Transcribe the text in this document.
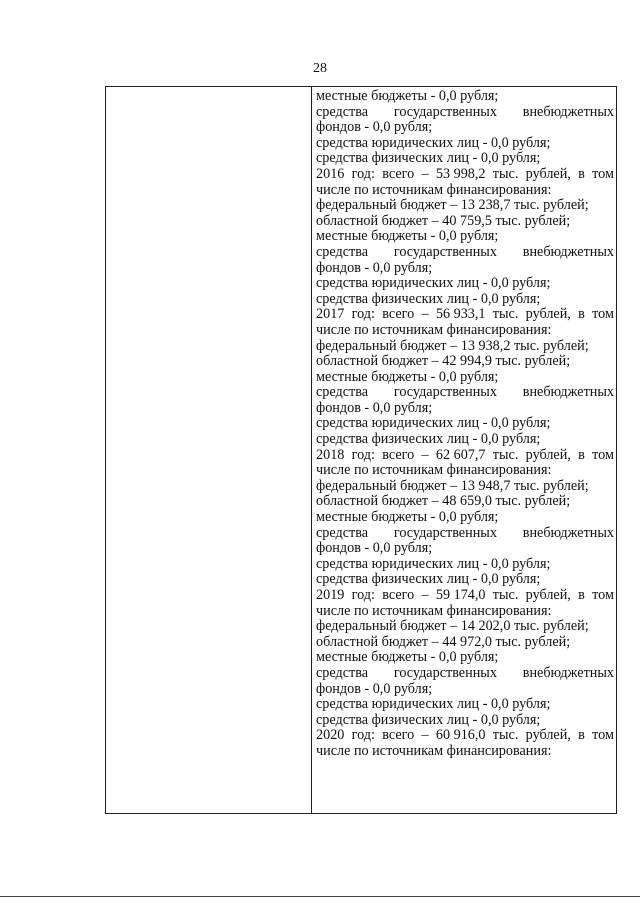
28
местные бюджеты - 0,0 рубля;
средства государственных внебюджетных
фондов - 0,0 рубля;
средства юридических лиц - 0,0 рубля;
средства физических лиц - 0,0 рубля;
2016 год: всего – 53 998,2 тыс. рублей, в том
числе по источникам финансирования:
федеральный бюджет – 13 238,7 тыс. рублей;
областной бюджет – 40 759,5 тыс. рублей;
местные бюджеты - 0,0 рубля;
средства государственных внебюджетных
фондов - 0,0 рубля;
средства юридических лиц - 0,0 рубля;
средства физических лиц - 0,0 рубля;
2017 год: всего – 56 933,1 тыс. рублей, в том
числе по источникам финансирования:
федеральный бюджет – 13 938,2 тыс. рублей;
областной бюджет – 42 994,9 тыс. рублей;
местные бюджеты - 0,0 рубля;
средства государственных внебюджетных
фондов - 0,0 рубля;
средства юридических лиц - 0,0 рубля;
средства физических лиц - 0,0 рубля;
2018 год: всего – 62 607,7 тыс. рублей, в том
числе по источникам финансирования:
федеральный бюджет – 13 948,7 тыс. рублей;
областной бюджет – 48 659,0 тыс. рублей;
местные бюджеты - 0,0 рубля;
средства государственных внебюджетных
фондов - 0,0 рубля;
средства юридических лиц - 0,0 рубля;
средства физических лиц - 0,0 рубля;
2019 год: всего – 59 174,0 тыс. рублей, в том
числе по источникам финансирования:
федеральный бюджет – 14 202,0 тыс. рублей;
областной бюджет – 44 972,0 тыс. рублей;
местные бюджеты - 0,0 рубля;
средства государственных внебюджетных
фондов - 0,0 рубля;
средства юридических лиц - 0,0 рубля;
средства физических лиц - 0,0 рубля;
2020 год: всего – 60 916,0 тыс. рублей, в том
числе по источникам финансирования:
